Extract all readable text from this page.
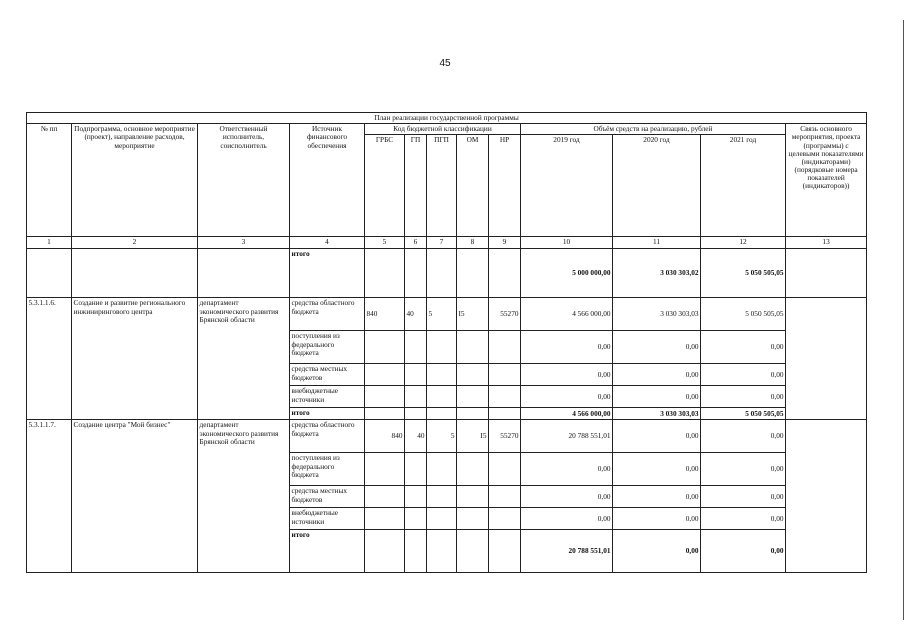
45
План реализации государственной программы												
№ пп	Подпрограмма, основное мероприятие (проект), направление расходов, мероприятие	Ответственный исполнитель, соисполнитель	Источник финансового обеспечения	Код бюджетной классификации					Объём средств на реализацию, рублей			Связь основного мероприятия, проекта (программы) с целевыми показателями (индикаторами) (порядковые номера показателей (индикаторов))
				ГРБС	ГП	ПГП	ОМ	НР	2019 год	2020 год	2021 год	
1	2	3	4	5	6	7	8	9	10	11	12	13
			итого						5 000 000,00	3 030 303,02	5 050 505,05	
5.3.1.1.6.	Создание и развитие регионального инжинирингового центра	департамент экономического развития Брянской области	средства областного бюджета	840	40	5	I5	55270	4 566 000,00	3 030 303,03	5 050 505,05	
			поступления из федерального бюджета						0,00	0,00	0,00	
			средства местных бюджетов						0,00	0,00	0,00	
			внебюджетные источники						0,00	0,00	0,00	
			итого						4 566 000,00	3 030 303,03	5 050 505,05	
5.3.1.1.7.	Создание центра "Мой бизнес"	департамент экономического развития Брянской области	средства областного бюджета	840	40	5	I5	55270	20 788 551,01	0,00	0,00	
			поступления из федерального бюджета						0,00	0,00	0,00	
			средства местных бюджетов						0,00	0,00	0,00	
			внебюджетные источники						0,00	0,00	0,00	
			итого						20 788 551,01	0,00	0,00	
